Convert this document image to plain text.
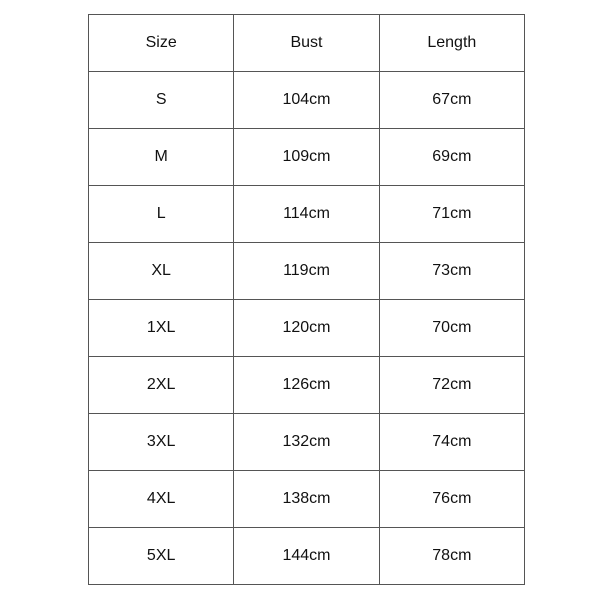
Size	Bust	Length
S	104cm	67cm
M	109cm	69cm
L	114cm	71cm
XL	119cm	73cm
1XL	120cm	70cm
2XL	126cm	72cm
3XL	132cm	74cm
4XL	138cm	76cm
5XL	144cm	78cm
